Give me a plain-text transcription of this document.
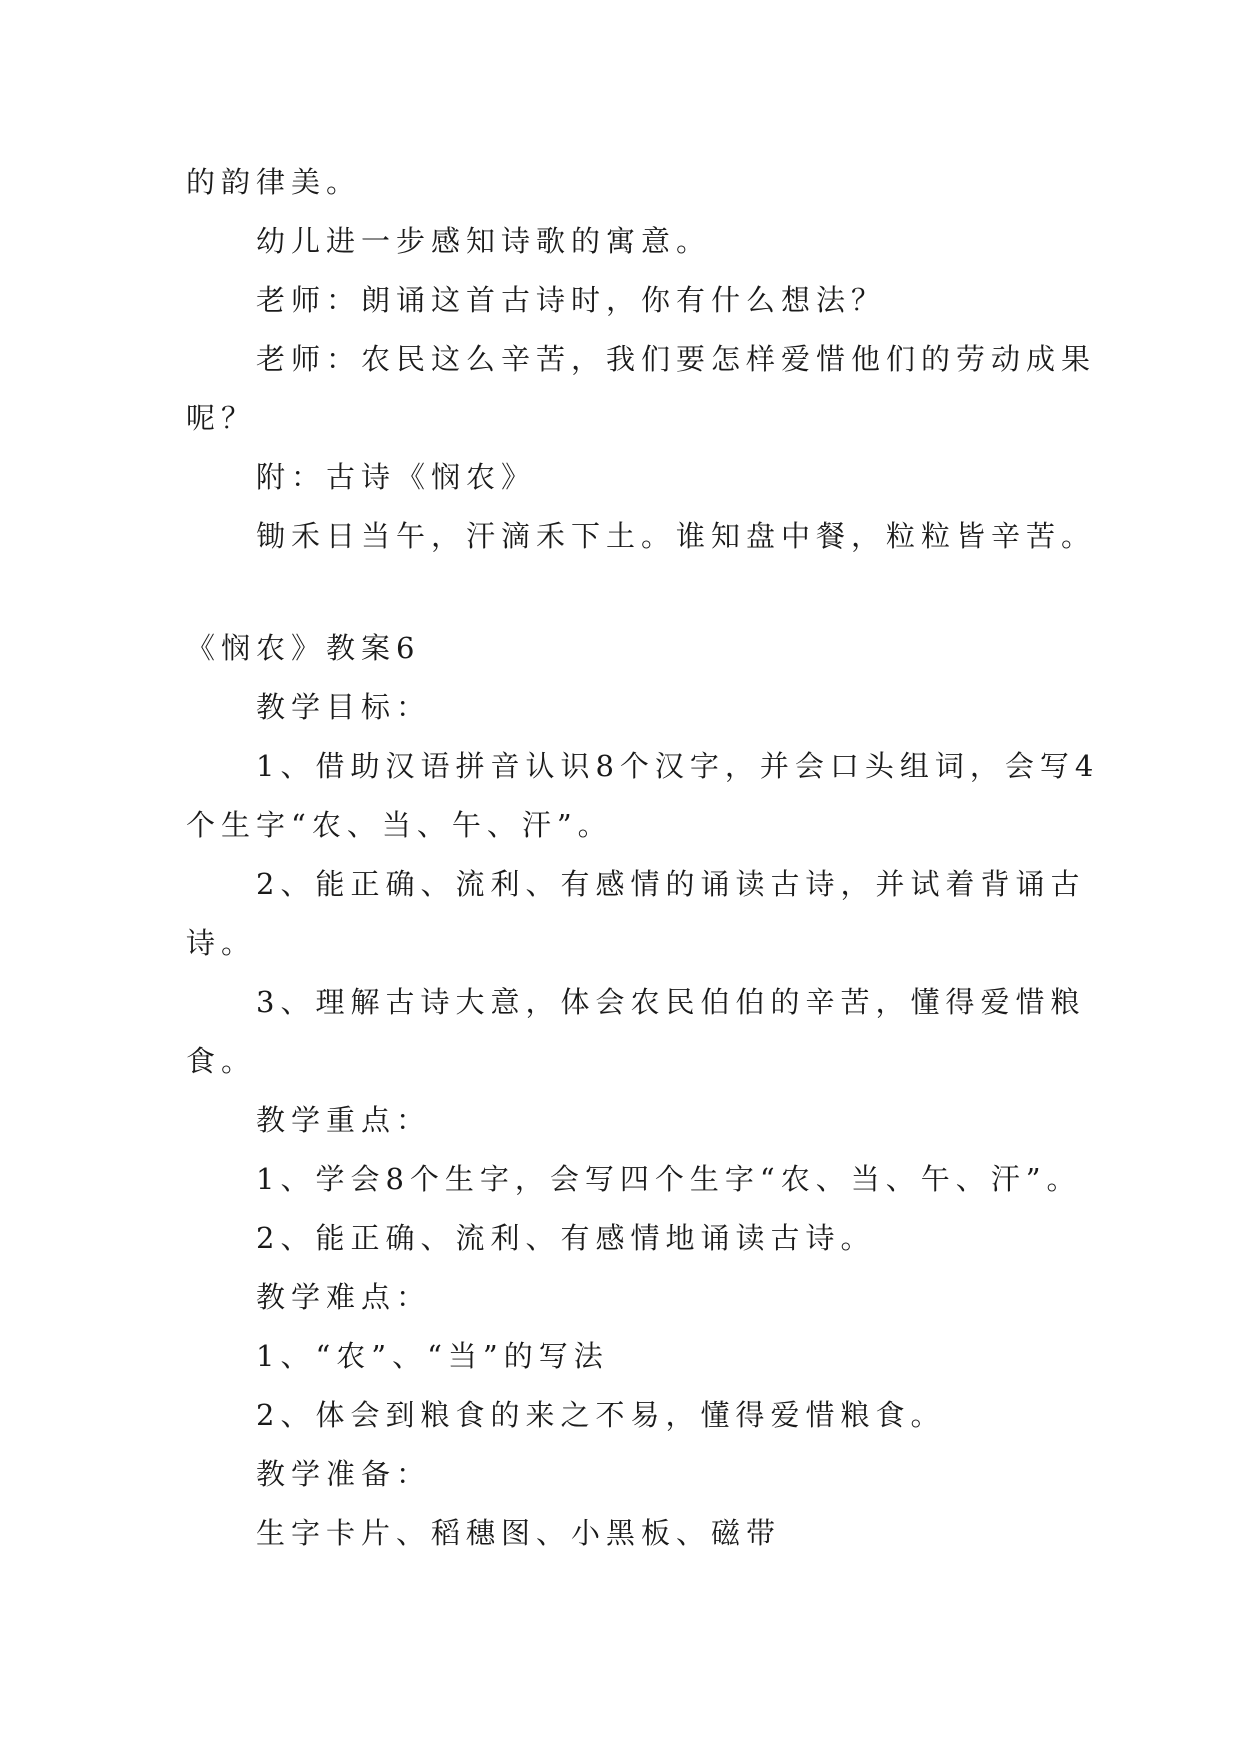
的韵律美。
幼儿进一步感知诗歌的寓意。
老师：朗诵这首古诗时，你有什么想法？
老师：农民这么辛苦，我们要怎样爱惜他们的劳动成果
呢？
附：古诗《悯农》
锄禾日当午，汗滴禾下土。谁知盘中餐，粒粒皆辛苦。
《悯农》教案6
教学目标：
1、借助汉语拼音认识8个汉字，并会口头组词，会写4
个生字“农、当、午、汗”。
2、能正确、流利、有感情的诵读古诗，并试着背诵古
诗。
3、理解古诗大意，体会农民伯伯的辛苦，懂得爱惜粮
食。
教学重点：
1、学会8个生字，会写四个生字“农、当、午、汗”。
2、能正确、流利、有感情地诵读古诗。
教学难点：
1、“农”、“当”的写法
2、体会到粮食的来之不易，懂得爱惜粮食。
教学准备：
生字卡片、稻穗图、小黑板、磁带
